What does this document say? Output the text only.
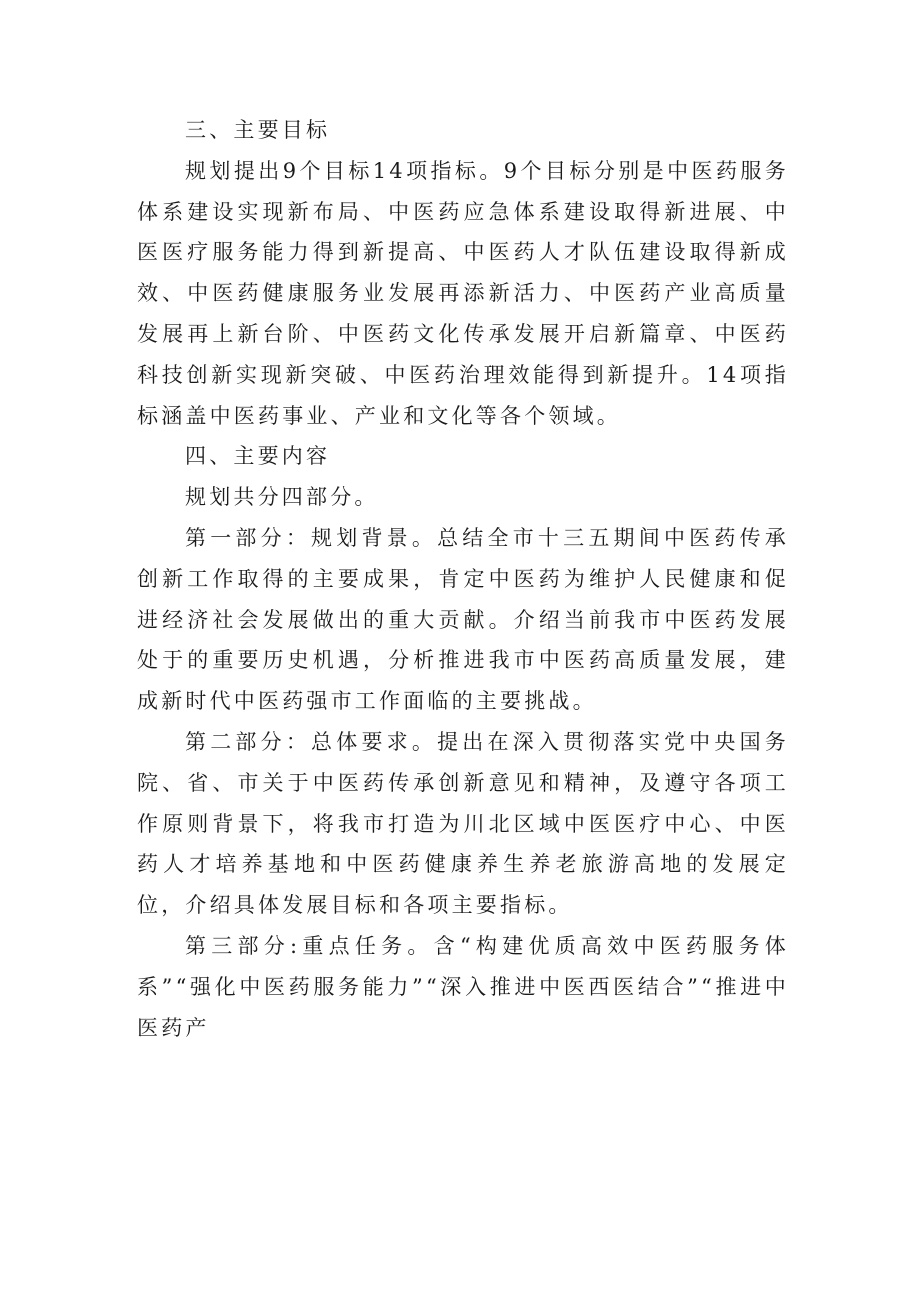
三、主要目标

规划提出9个目标14项指标。9个目标分别是中医药服务体系建设实现新布局、中医药应急体系建设取得新进展、中医医疗服务能力得到新提高、中医药人才队伍建设取得新成效、中医药健康服务业发展再添新活力、中医药产业高质量发展再上新台阶、中医药文化传承发展开启新篇章、中医药科技创新实现新突破、中医药治理效能得到新提升。14项指标涵盖中医药事业、产业和文化等各个领域。

四、主要内容

规划共分四部分。

第一部分：规划背景。总结全市十三五期间中医药传承创新工作取得的主要成果，肯定中医药为维护人民健康和促进经济社会发展做出的重大贡献。介绍当前我市中医药发展处于的重要历史机遇，分析推进我市中医药高质量发展，建成新时代中医药强市工作面临的主要挑战。

第二部分：总体要求。提出在深入贯彻落实党中央国务院、省、市关于中医药传承创新意见和精神，及遵守各项工作原则背景下，将我市打造为川北区域中医医疗中心、中医药人才培养基地和中医药健康养生养老旅游高地的发展定位，介绍具体发展目标和各项主要指标。

第三部分:重点任务。含“构建优质高效中医药服务体系”“强化中医药服务能力”“深入推进中医西医结合”“推进中医药产
